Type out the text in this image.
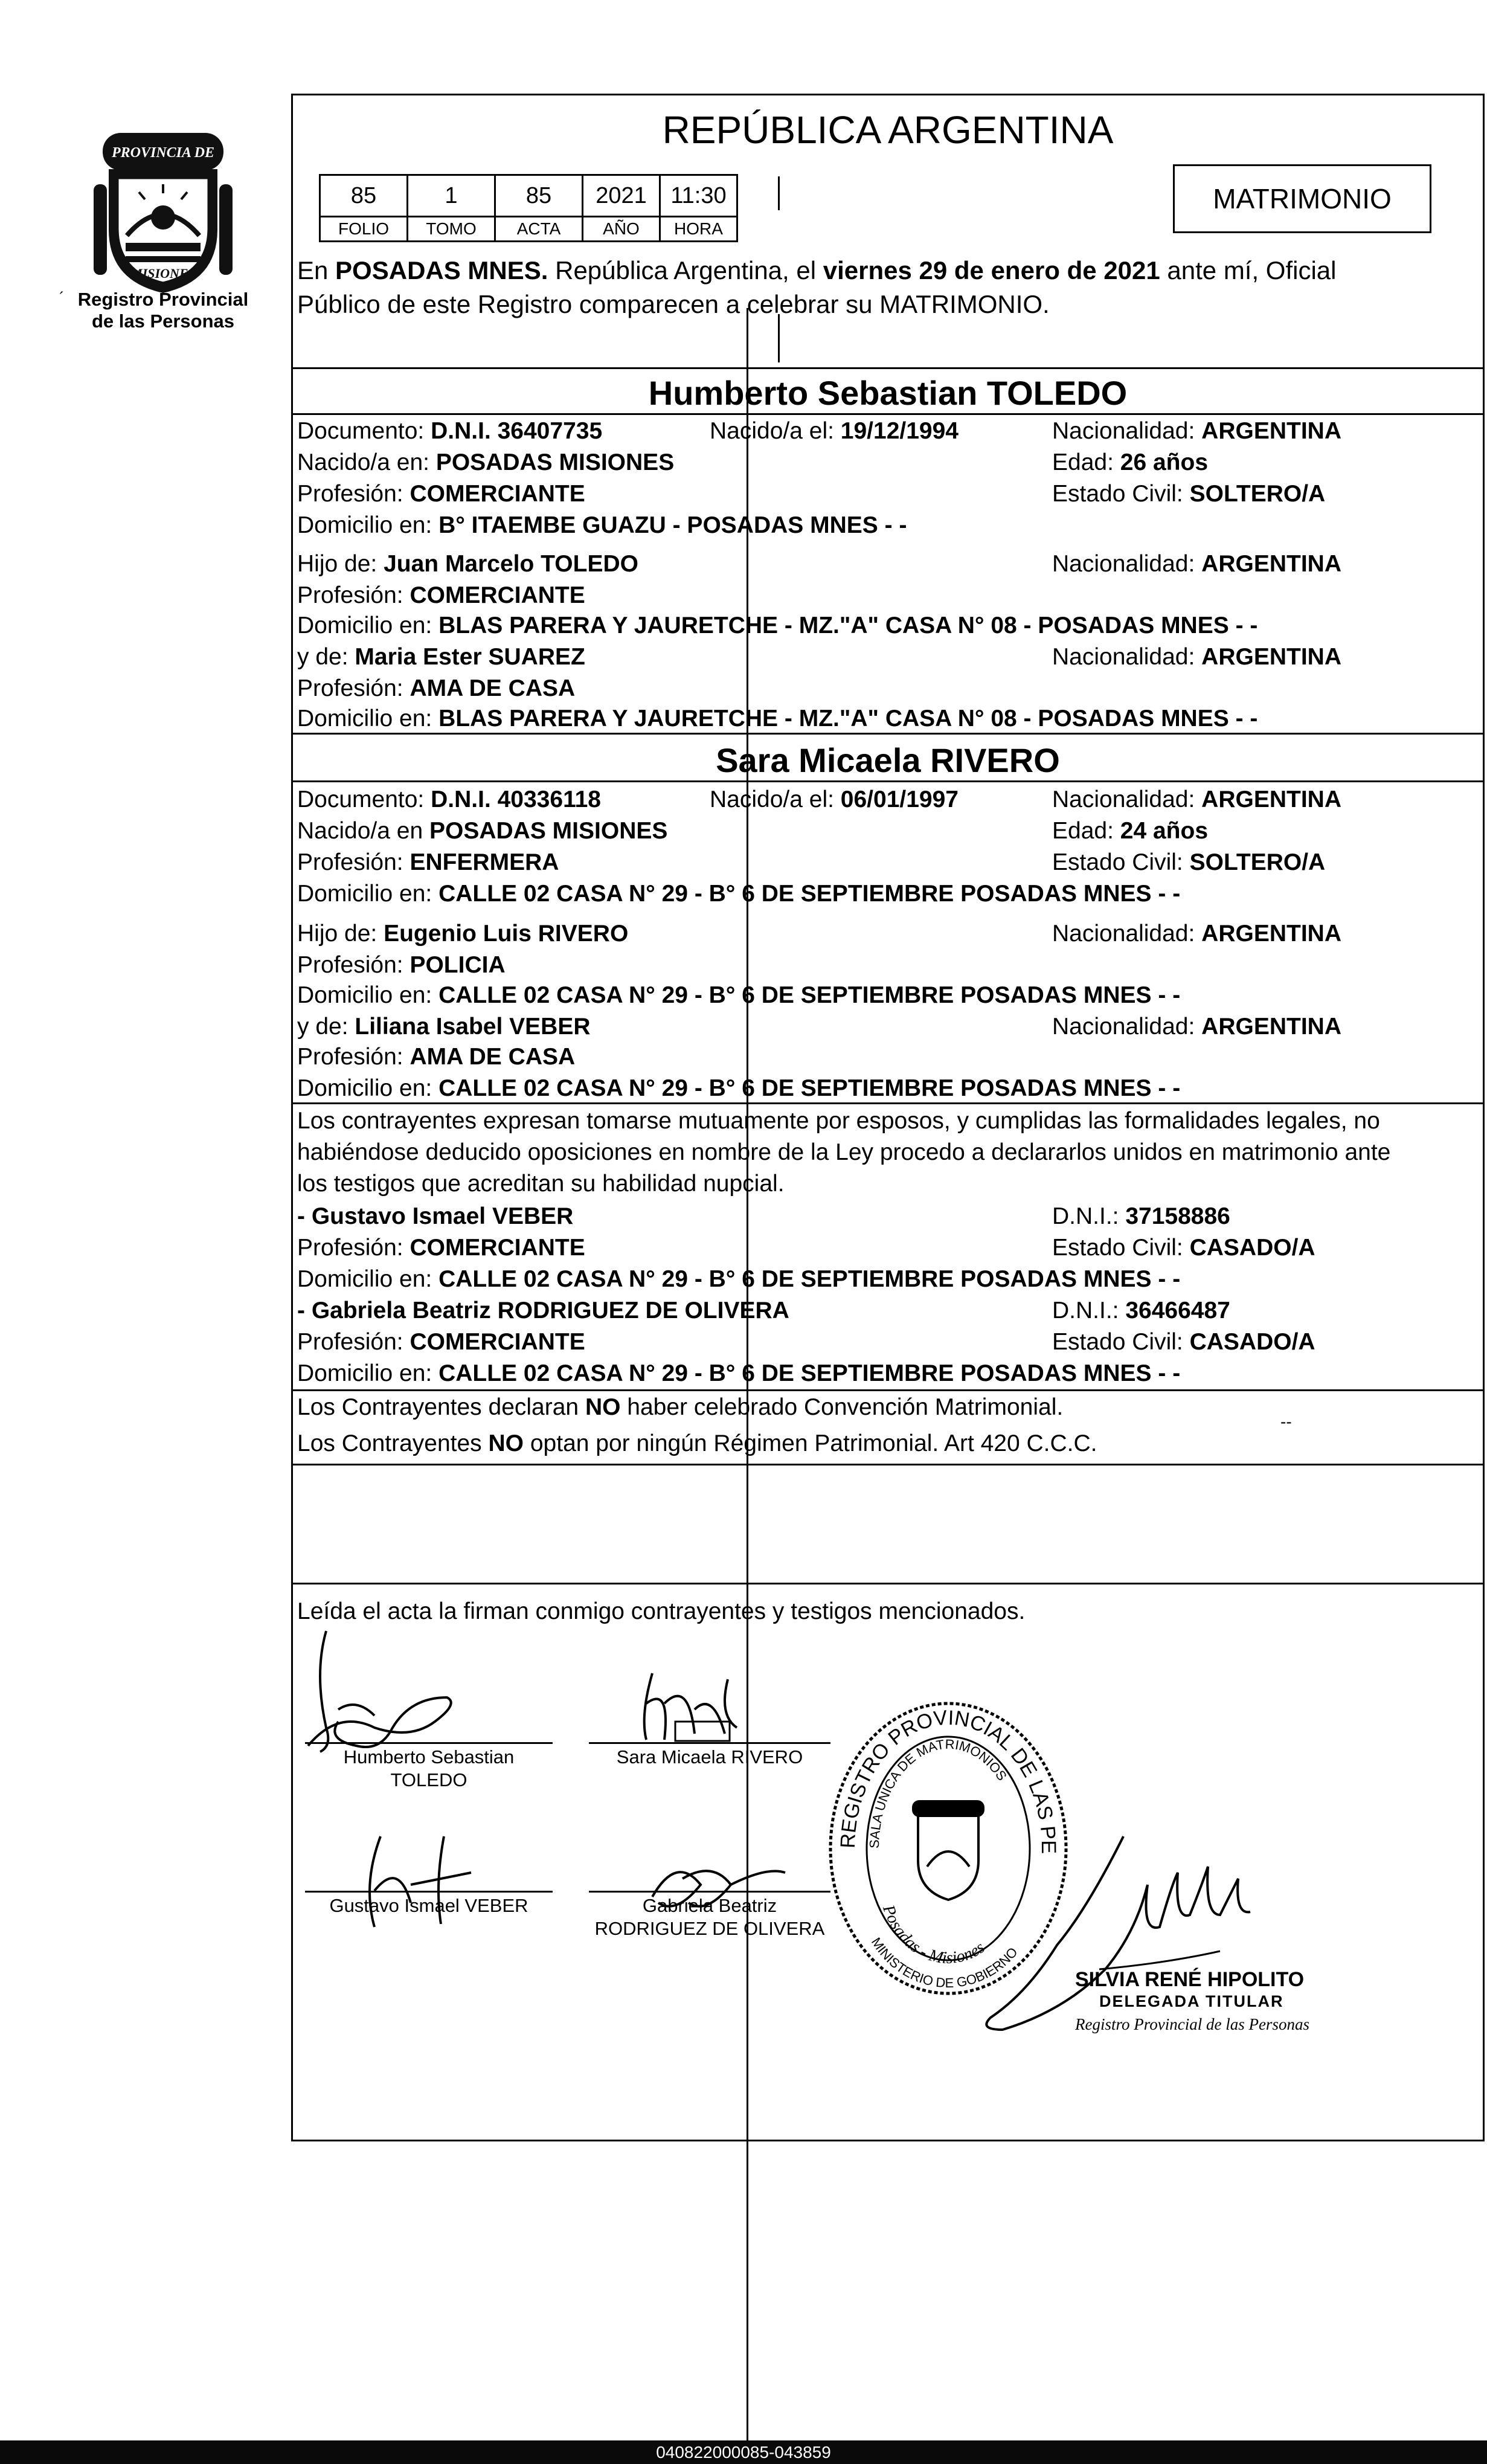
PROVINCIA DE
MISIONES
´ Registro Provincial
de las Personas
REPÚBLICA ARGENTINA
85	1	85	2021	11:30
FOLIO	TOMO	ACTA	AÑO	HORA
MATRIMONIO
En POSADAS MNES. República Argentina, el viernes 29 de enero de 2021 ante mí, Oficial
Público de este Registro comparecen a celebrar su MATRIMONIO.
Humberto Sebastian TOLEDO
Documento: D.N.I. 36407735	Nacido/a el: 19/12/1994	Nacionalidad: ARGENTINA
Nacido/a en: POSADAS MISIONES	Edad: 26 años
Profesión: COMERCIANTE	Estado Civil: SOLTERO/A
Domicilio en: B° ITAEMBE GUAZU - POSADAS MNES - -
Hijo de: Juan Marcelo TOLEDO	Nacionalidad: ARGENTINA
Profesión: COMERCIANTE
Domicilio en: BLAS PARERA Y JAURETCHE - MZ."A" CASA N° 08 - POSADAS MNES - -
y de: Maria Ester SUAREZ	Nacionalidad: ARGENTINA
Profesión: AMA DE CASA
Domicilio en: BLAS PARERA Y JAURETCHE - MZ."A" CASA N° 08 - POSADAS MNES - -
Sara Micaela RIVERO
Documento: D.N.I. 40336118	Nacido/a el: 06/01/1997	Nacionalidad: ARGENTINA
Nacido/a en POSADAS MISIONES	Edad: 24 años
Profesión: ENFERMERA	Estado Civil: SOLTERO/A
Domicilio en: CALLE 02 CASA N° 29 - B° 6 DE SEPTIEMBRE POSADAS MNES - -
Hijo de: Eugenio Luis RIVERO	Nacionalidad: ARGENTINA
Profesión: POLICIA
Domicilio en: CALLE 02 CASA N° 29 - B° 6 DE SEPTIEMBRE POSADAS MNES - -
y de: Liliana Isabel VEBER	Nacionalidad: ARGENTINA
Profesión: AMA DE CASA
Domicilio en: CALLE 02 CASA N° 29 - B° 6 DE SEPTIEMBRE POSADAS MNES - -
Los contrayentes expresan tomarse mutuamente por esposos, y cumplidas las formalidades legales, no
habiéndose deducido oposiciones en nombre de la Ley procedo a declararlos unidos en matrimonio ante
los testigos que acreditan su habilidad nupcial.
- Gustavo Ismael VEBER	D.N.I.: 37158886
Profesión: COMERCIANTE	Estado Civil: CASADO/A
Domicilio en: CALLE 02 CASA N° 29 - B° 6 DE SEPTIEMBRE POSADAS MNES - -
- Gabriela Beatriz RODRIGUEZ DE OLIVERA	D.N.I.: 36466487
Profesión: COMERCIANTE	Estado Civil: CASADO/A
Domicilio en: CALLE 02 CASA N° 29 - B° 6 DE SEPTIEMBRE POSADAS MNES - -
Los Contrayentes declaran NO haber celebrado Convención Matrimonial.
Los Contrayentes NO optan por ningún Régimen Patrimonial. Art 420 C.C.C.
‑‑
Leída el acta la firman conmigo contrayentes y testigos mencionados.
Humberto Sebastian
TOLEDO
Sara Micaela RIVERO
Gustavo Ismael VEBER	Gabriela Beatriz
RODRIGUEZ DE OLIVERA
REGISTRO PROVINCIAL DE LAS PE
SALA UNICA DE MATRIMONIOS
Posadas - Misiones
MINISTERIO DE GOBIERNO
SILVIA RENÉ HIPOLITO
DELEGADA TITULAR
Registro Provincial de las Personas
040822000085-043859
